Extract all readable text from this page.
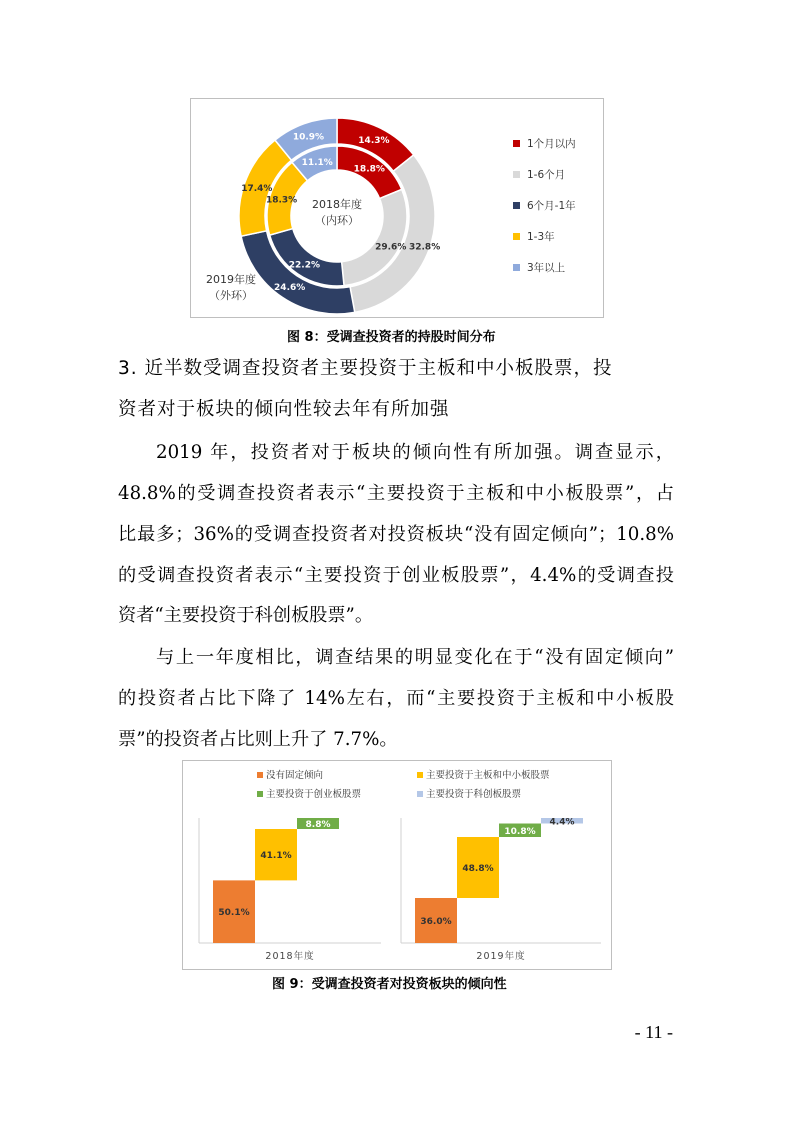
14.3%
32.8%
24.6%
17.4%
10.9%
18.8%
29.6%
22.2%
18.3%
11.1%
2018年度
（内环）
2019年度
（外环）
1个月以内
1-6个月
6个月-1年
1-3年
3年以上
图 8：受调查投资者的持股时间分布
3. 近半数受调查投资者主要投资于主板和中小板股票，投
资者对于板块的倾向性较去年有所加强
2019 年，投资者对于板块的倾向性有所加强。调查显示，
48.8%的受调查投资者表示“主要投资于主板和中小板股票”，占
比最多；36%的受调查投资者对投资板块“没有固定倾向”；10.8%
的受调查投资者表示“主要投资于创业板股票”，4.4%的受调查投
资者“主要投资于科创板股票”。
与上一年度相比，调查结果的明显变化在于“没有固定倾向”
的投资者占比下降了 14%左右，而“主要投资于主板和中小板股
票”的投资者占比则上升了 7.7%。
没有固定倾向	主要投资于主板和中小板股票
主要投资于创业板股票	主要投资于科创板股票
50.1%
41.1%
8.8%
2018年度
36.0%
48.8%
10.8%
4.4%
2019年度
图 9：受调查投资者对投资板块的倾向性
- 11 -
